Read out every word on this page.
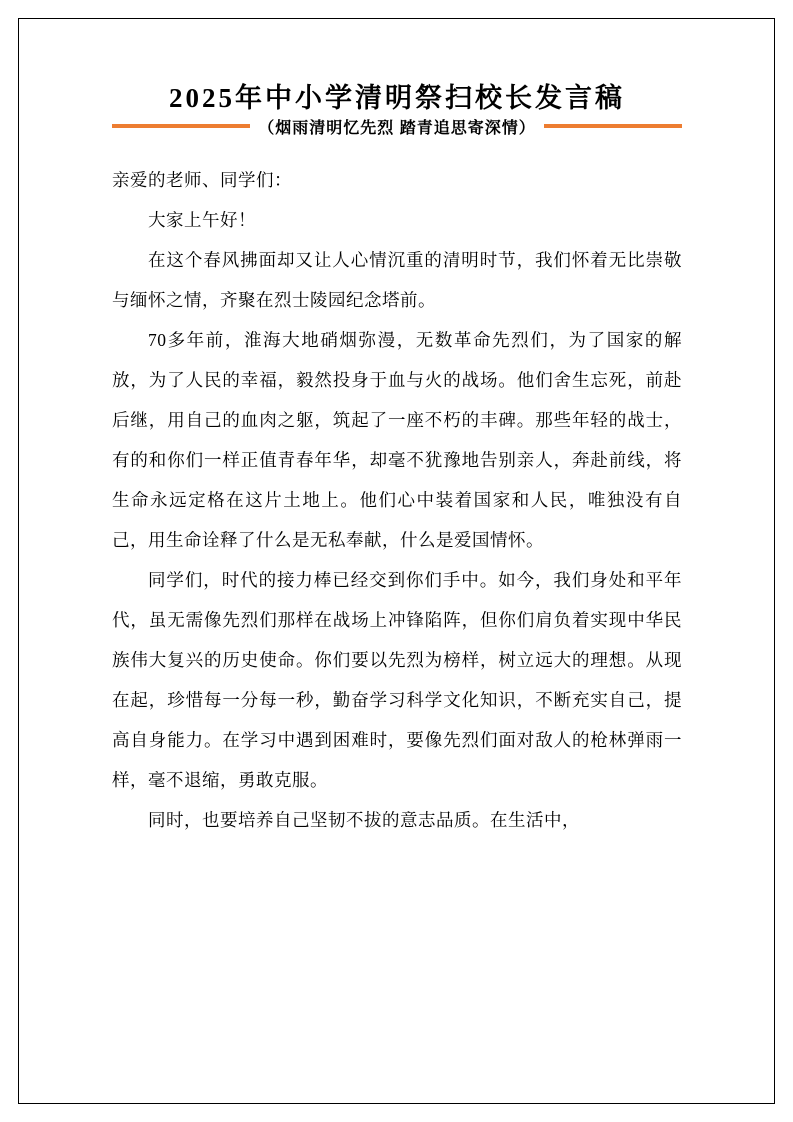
2025年中小学清明祭扫校长发言稿
（烟雨清明忆先烈 踏青追思寄深情）

亲爱的老师、同学们：

大家上午好！

在这个春风拂面却又让人心情沉重的清明时节，我们怀着无比崇敬与缅怀之情，齐聚在烈士陵园纪念塔前。

70多年前，淮海大地硝烟弥漫，无数革命先烈们，为了国家的解放，为了人民的幸福，毅然投身于血与火的战场。他们舍生忘死，前赴后继，用自己的血肉之躯，筑起了一座不朽的丰碑。那些年轻的战士，有的和你们一样正值青春年华，却毫不犹豫地告别亲人，奔赴前线，将生命永远定格在这片土地上。他们心中装着国家和人民，唯独没有自己，用生命诠释了什么是无私奉献，什么是爱国情怀。

同学们，时代的接力棒已经交到你们手中。如今，我们身处和平年代，虽无需像先烈们那样在战场上冲锋陷阵，但你们肩负着实现中华民族伟大复兴的历史使命。你们要以先烈为榜样，树立远大的理想。从现在起，珍惜每一分每一秒，勤奋学习科学文化知识，不断充实自己，提高自身能力。在学习中遇到困难时，要像先烈们面对敌人的枪林弹雨一样，毫不退缩，勇敢克服。

同时，也要培养自己坚韧不拔的意志品质。在生活中，
